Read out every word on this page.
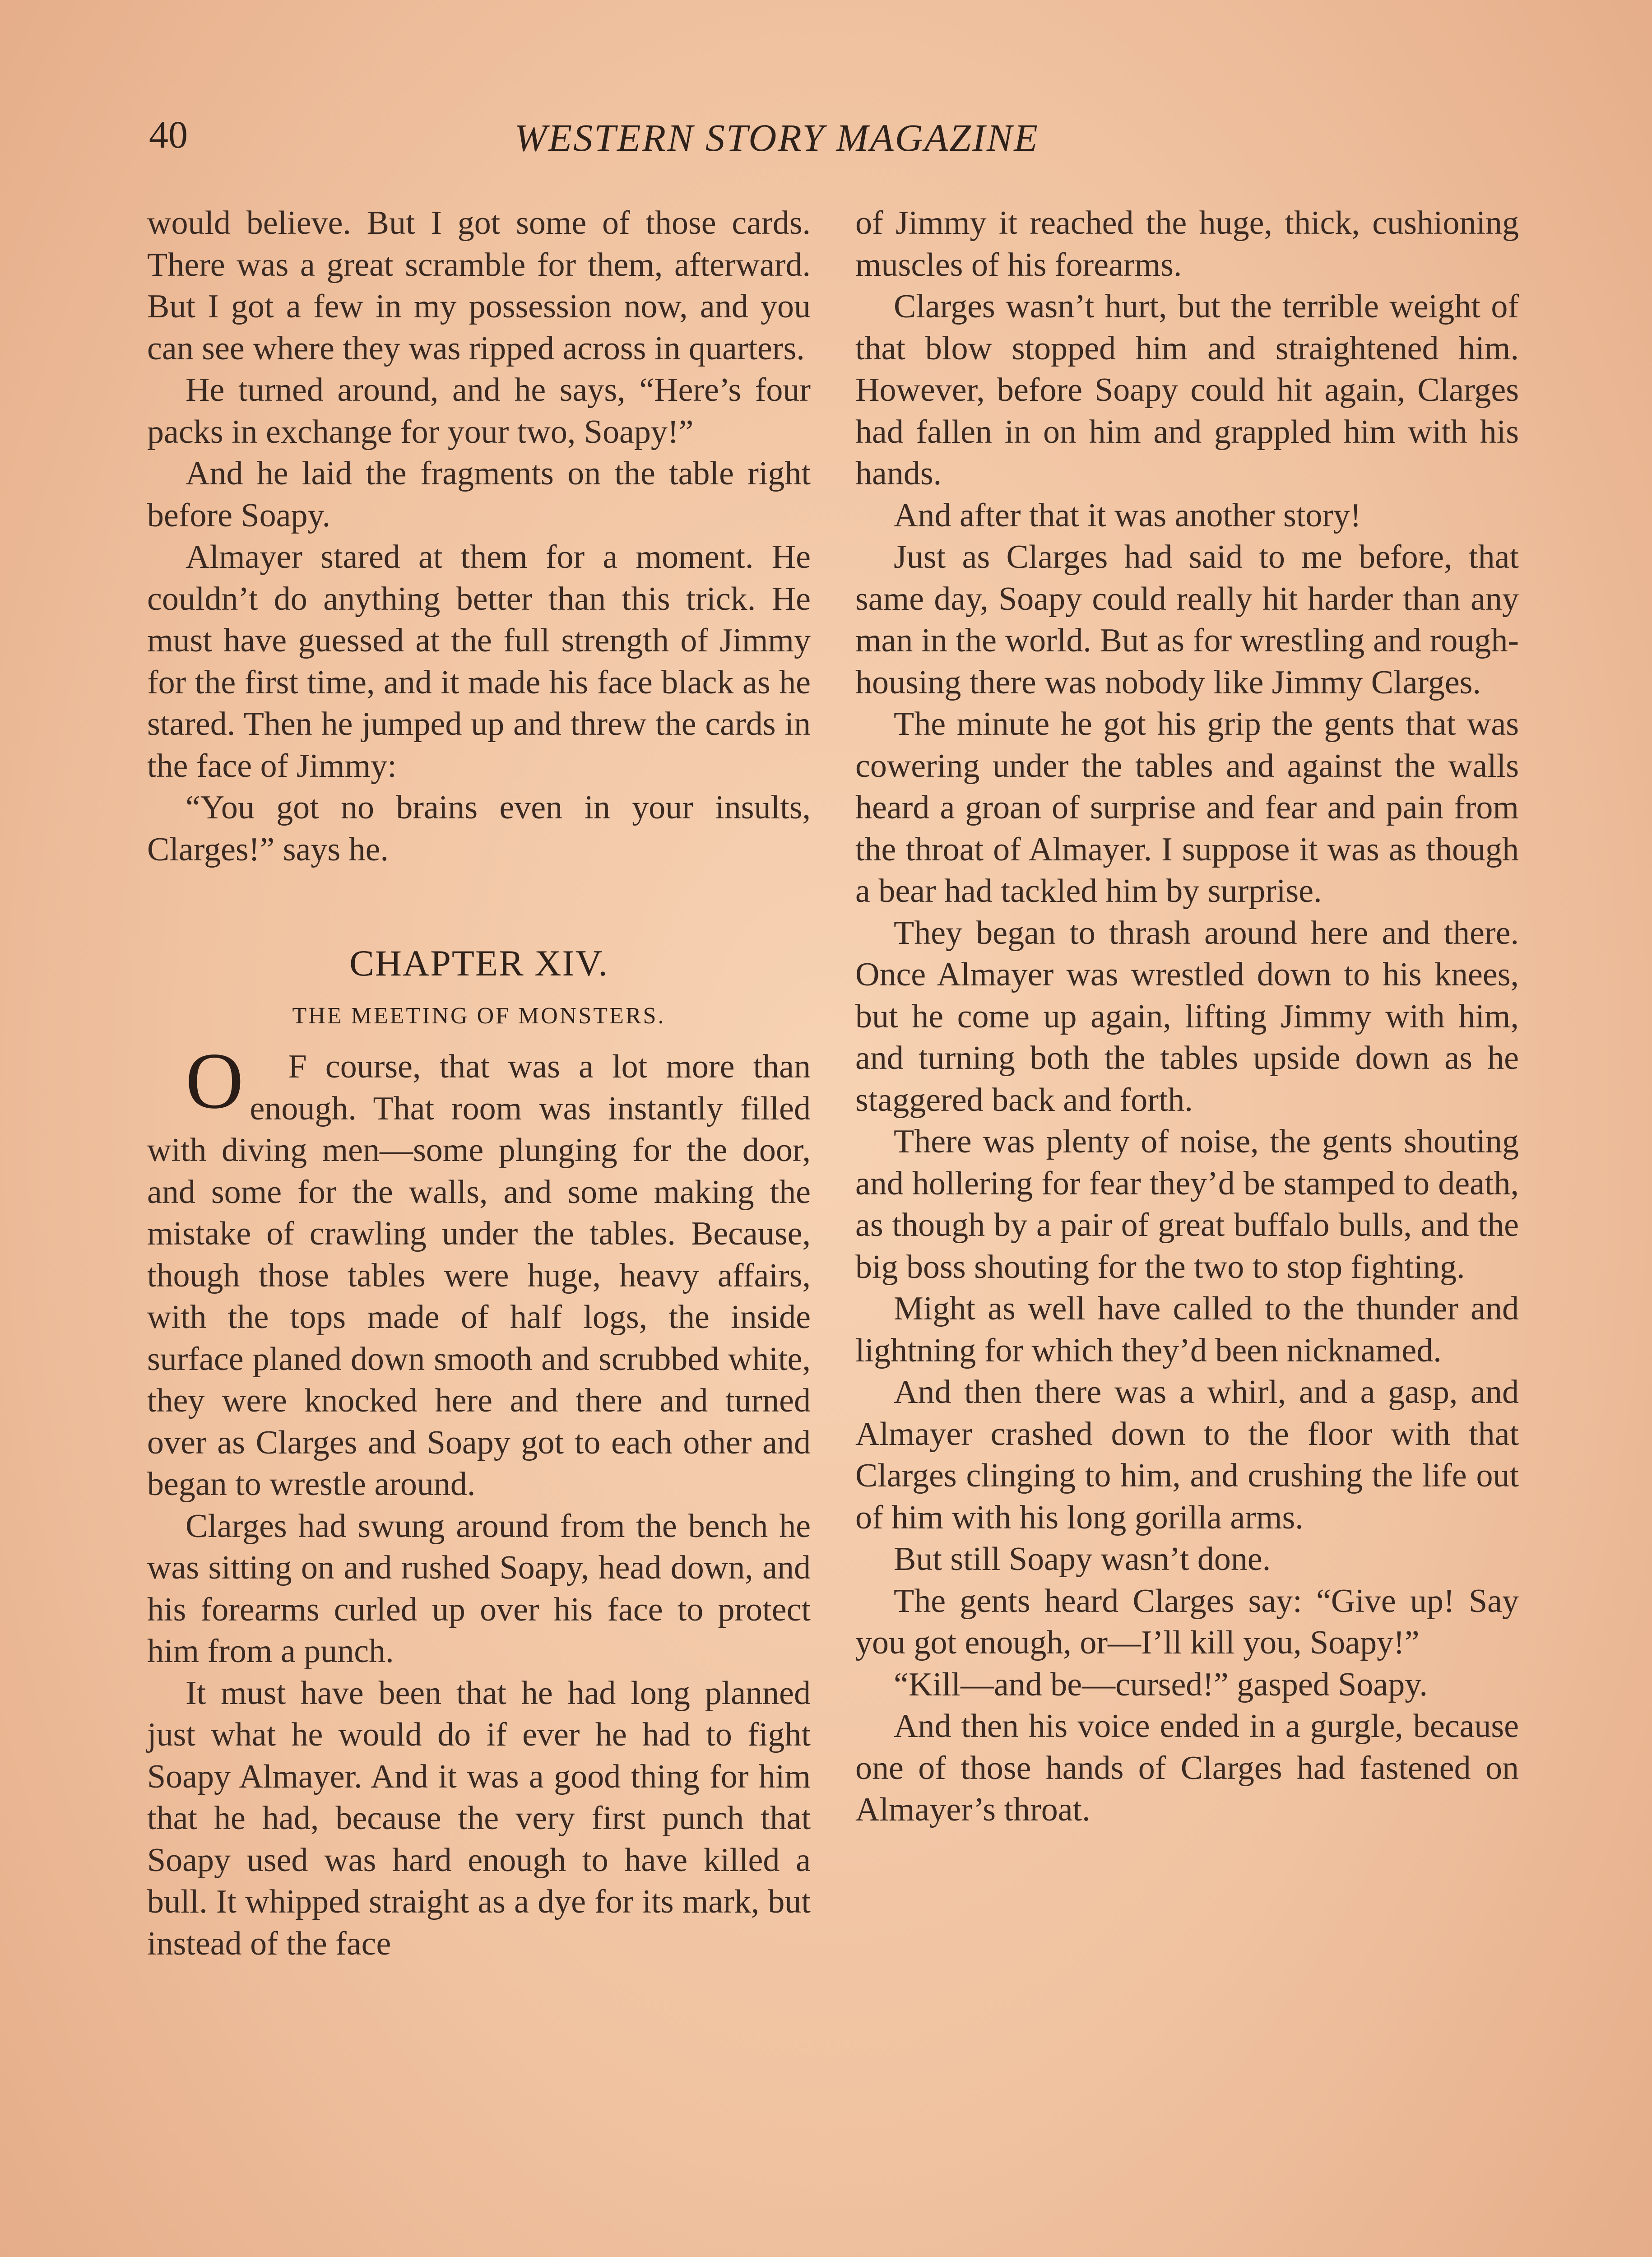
40	WESTERN STORY MAGAZINE

would believe. But I got some of those cards. There was a great scramble for them, afterward. But I got a few in my possession now, and you can see where they was ripped across in quarters.

He turned around, and he says, “Here’s four packs in exchange for your two, Soapy!”

And he laid the fragments on the table right before Soapy.

Almayer stared at them for a moment. He couldn’t do anything better than this trick. He must have guessed at the full strength of Jimmy for the first time, and it made his face black as he stared. Then he jumped up and threw the cards in the face of Jimmy:

“You got no brains even in your insults, Clarges!” says he.

CHAPTER XIV.
THE MEETING OF MONSTERS.

O F course, that was a lot more than enough. That room was instantly filled with diving men—some plunging for the door, and some for the walls, and some making the mistake of crawling under the tables. Because, though those tables were huge, heavy affairs, with the tops made of half logs, the inside surface planed down smooth and scrubbed white, they were knocked here and there and turned over as Clarges and Soapy got to each other and began to wrestle around.

Clarges had swung around from the bench he was sitting on and rushed Soapy, head down, and his forearms curled up over his face to protect him from a punch.

It must have been that he had long planned just what he would do if ever he had to fight Soapy Almayer. And it was a good thing for him that he had, because the very first punch that Soapy used was hard enough to have killed a bull. It whipped straight as a dye for its mark, but instead of the face

of Jimmy it reached the huge, thick, cushioning muscles of his forearms.

Clarges wasn’t hurt, but the terrible weight of that blow stopped him and straightened him. However, before Soapy could hit again, Clarges had fallen in on him and grappled him with his hands.

And after that it was another story!

Just as Clarges had said to me before, that same day, Soapy could really hit harder than any man in the world. But as for wrestling and rough-housing there was nobody like Jimmy Clarges.

The minute he got his grip the gents that was cowering under the tables and against the walls heard a groan of surprise and fear and pain from the throat of Almayer. I suppose it was as though a bear had tackled him by surprise.

They began to thrash around here and there. Once Almayer was wrestled down to his knees, but he come up again, lifting Jimmy with him, and turning both the tables upside down as he staggered back and forth.

There was plenty of noise, the gents shouting and hollering for fear they’d be stamped to death, as though by a pair of great buffalo bulls, and the big boss shouting for the two to stop fighting.

Might as well have called to the thunder and lightning for which they’d been nicknamed.

And then there was a whirl, and a gasp, and Almayer crashed down to the floor with that Clarges clinging to him, and crushing the life out of him with his long gorilla arms.

But still Soapy wasn’t done.

The gents heard Clarges say: “Give up! Say you got enough, or—I’ll kill you, Soapy!”

“Kill—and be—cursed!” gasped Soapy.

And then his voice ended in a gurgle, because one of those hands of Clarges had fastened on Almayer’s throat.
